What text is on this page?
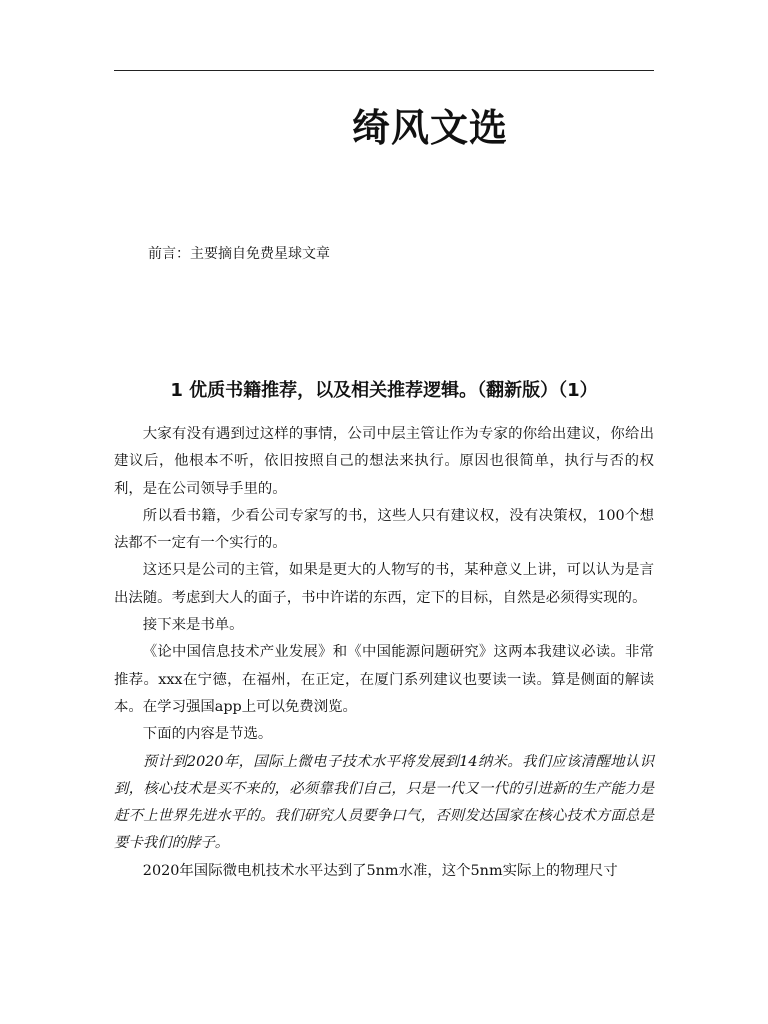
绮风文选

前言：主要摘自免费星球文章

1 优质书籍推荐，以及相关推荐逻辑。（翻新版）（1）

大家有没有遇到过这样的事情，公司中层主管让作为专家的你给出建议，你给出建议后，他根本不听，依旧按照自己的想法来执行。原因也很简单，执行与否的权利，是在公司领导手里的。

所以看书籍，少看公司专家写的书，这些人只有建议权，没有决策权，100个想法都不一定有一个实行的。

这还只是公司的主管，如果是更大的人物写的书，某种意义上讲，可以认为是言出法随。考虑到大人的面子，书中许诺的东西，定下的目标，自然是必须得实现的。

接下来是书单。

《论中国信息技术产业发展》和《中国能源问题研究》这两本我建议必读。非常推荐。xxx在宁德，在福州，在正定，在厦门系列建议也要读一读。算是侧面的解读本。在学习强国app上可以免费浏览。

下面的内容是节选。

预计到2020年，国际上微电子技术水平将发展到14纳米。我们应该清醒地认识到，核心技术是买不来的，必须靠我们自己，只是一代又一代的引进新的生产能力是赶不上世界先进水平的。我们研究人员要争口气，否则发达国家在核心技术方面总是要卡我们的脖子。

2020年国际微电机技术水平达到了5nm水准，这个5nm实际上的物理尺寸
